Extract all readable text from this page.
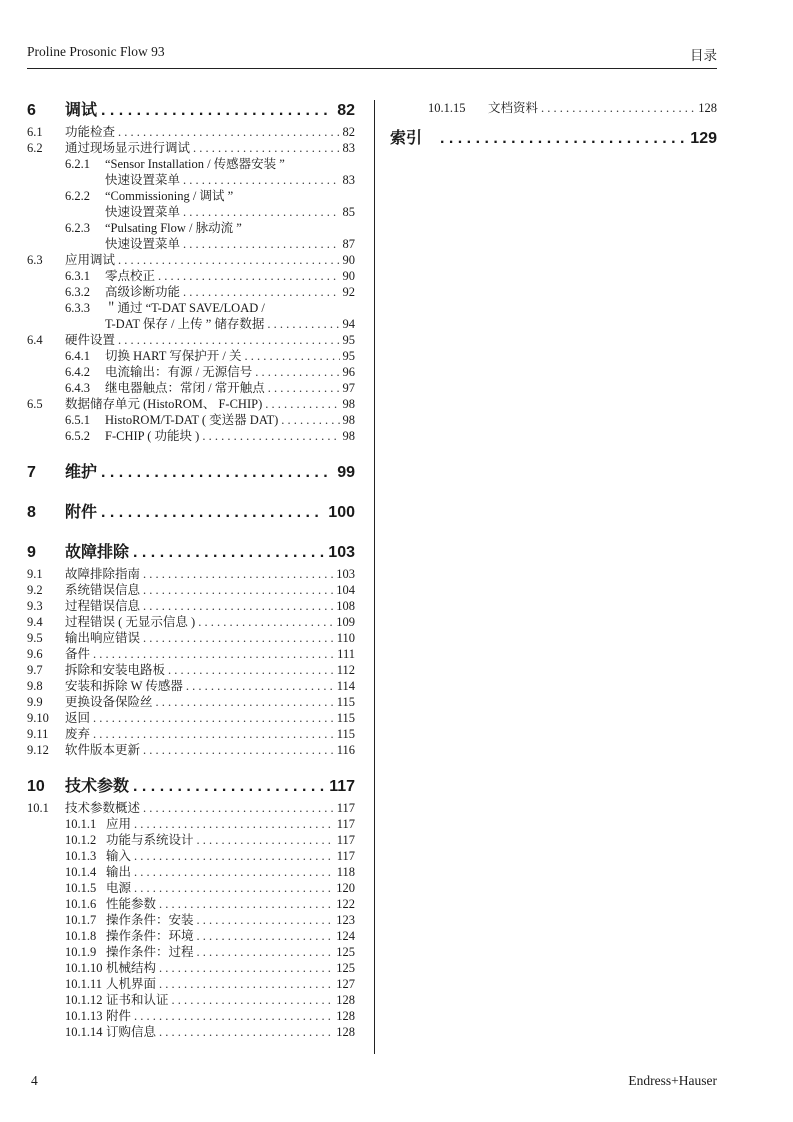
Proline Prosonic Flow 93	目录
6	调试 . . .	82
6.1	功能检查 . . .	82
6.2	通过现场显示进行调试 . . .	83
6.2.1	“Sensor Installation / 传感器安装 ”
快速设置菜单 . . .	83
6.2.2	“Commissioning / 调试 ”
快速设置菜单 . . .	85
6.2.3	“Pulsating Flow / 脉动流 ”
快速设置菜单 . . .	87
6.3	应用调试 . . .	90
6.3.1	零点校正 . . .	90
6.3.2	高级诊断功能 . . .	92
6.3.3	＂通过 “T-DAT SAVE/LOAD /
T-DAT 保存 / 上传 ” 储存数据 . . .	94
6.4	硬件设置 . . .	95
6.4.1	切换 HART 写保护开 / 关 . . .	95
6.4.2	电流输出：有源 / 无源信号 . . .	96
6.4.3	继电器触点：常闭 / 常开触点 . . .	97
6.5	数据储存单元 (HistoROM、 F-CHIP) . . .	98
6.5.1	HistoROM/T-DAT ( 变送器 DAT) . . .	98
6.5.2	F-CHIP ( 功能块 ) . . .	98
7	维护 . . .	99
8	附件 . . .	100
9	故障排除 . . .	103
9.1	故障排除指南 . . .	103
9.2	系统错误信息 . . .	104
9.3	过程错误信息 . . .	108
9.4	过程错误 ( 无显示信息 ) . . .	109
9.5	输出响应错误 . . .	110
9.6	备件 . . .	111
9.7	拆除和安装电路板 . . .	112
9.8	安装和拆除 W 传感器 . . .	114
9.9	更换设备保险丝 . . .	115
9.10	返回 . . .	115
9.11	废弃 . . .	115
9.12	软件版本更新 . . .	116
10	技术参数 . . .	117
10.1	技术参数概述 . . .	117
10.1.1 应用 . . .	117
10.1.2 功能与系统设计 . . .	117
10.1.3 输入 . . .	117
10.1.4 输出 . . .	118
10.1.5 电源 . . .	120
10.1.6 性能参数 . . .	122
10.1.7 操作条件：安装 . . .	123
10.1.8 操作条件：环境 . . .	124
10.1.9 操作条件：过程 . . .	125
10.1.10 机械结构 . . .	125
10.1.11 人机界面 . . .	127
10.1.12 证书和认证 . . .	128
10.1.13 附件 . . .	128
10.1.14 订购信息 . . .	128
10.1.15	文档资料 . . .	128
索引 . . .	129
4	Endress+Hauser
